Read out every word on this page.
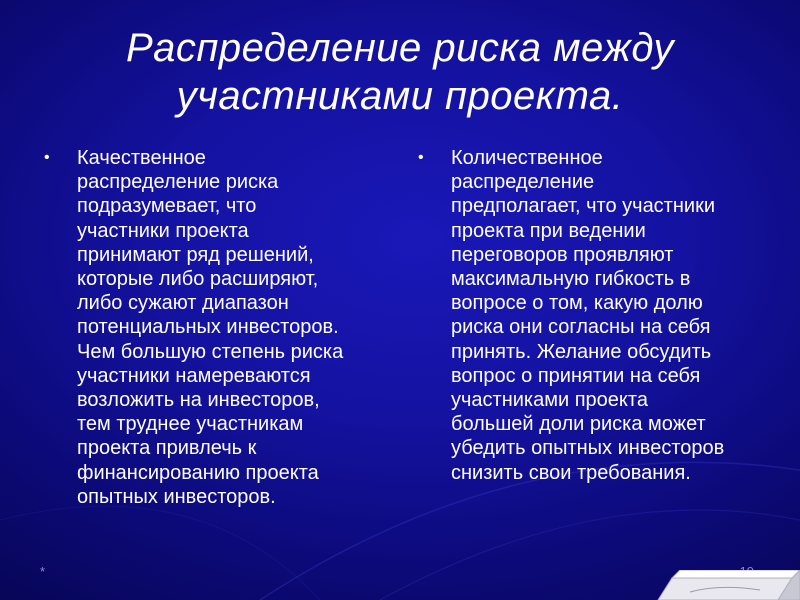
Распределение риска между участниками проекта.
•	Качественное
распределение риска
подразумевает, что
участники проекта
принимают ряд решений,
которые либо расширяют,
либо сужают диапазон
потенциальных инвесторов.
Чем большую степень риска
участники намереваются
возложить на инвесторов,
тем труднее участникам
проекта привлечь к
финансированию проекта
опытных инвесторов.
•	Количественное
распределение
предполагает, что участники
проекта при ведении
переговоров проявляют
максимальную гибкость в
вопросе о том, какую долю
риска они согласны на себя
принять. Желание обсудить
вопрос о принятии на себя
участниками проекта
большей доли риска может
убедить опытных инвесторов
снизить свои требования.
*
